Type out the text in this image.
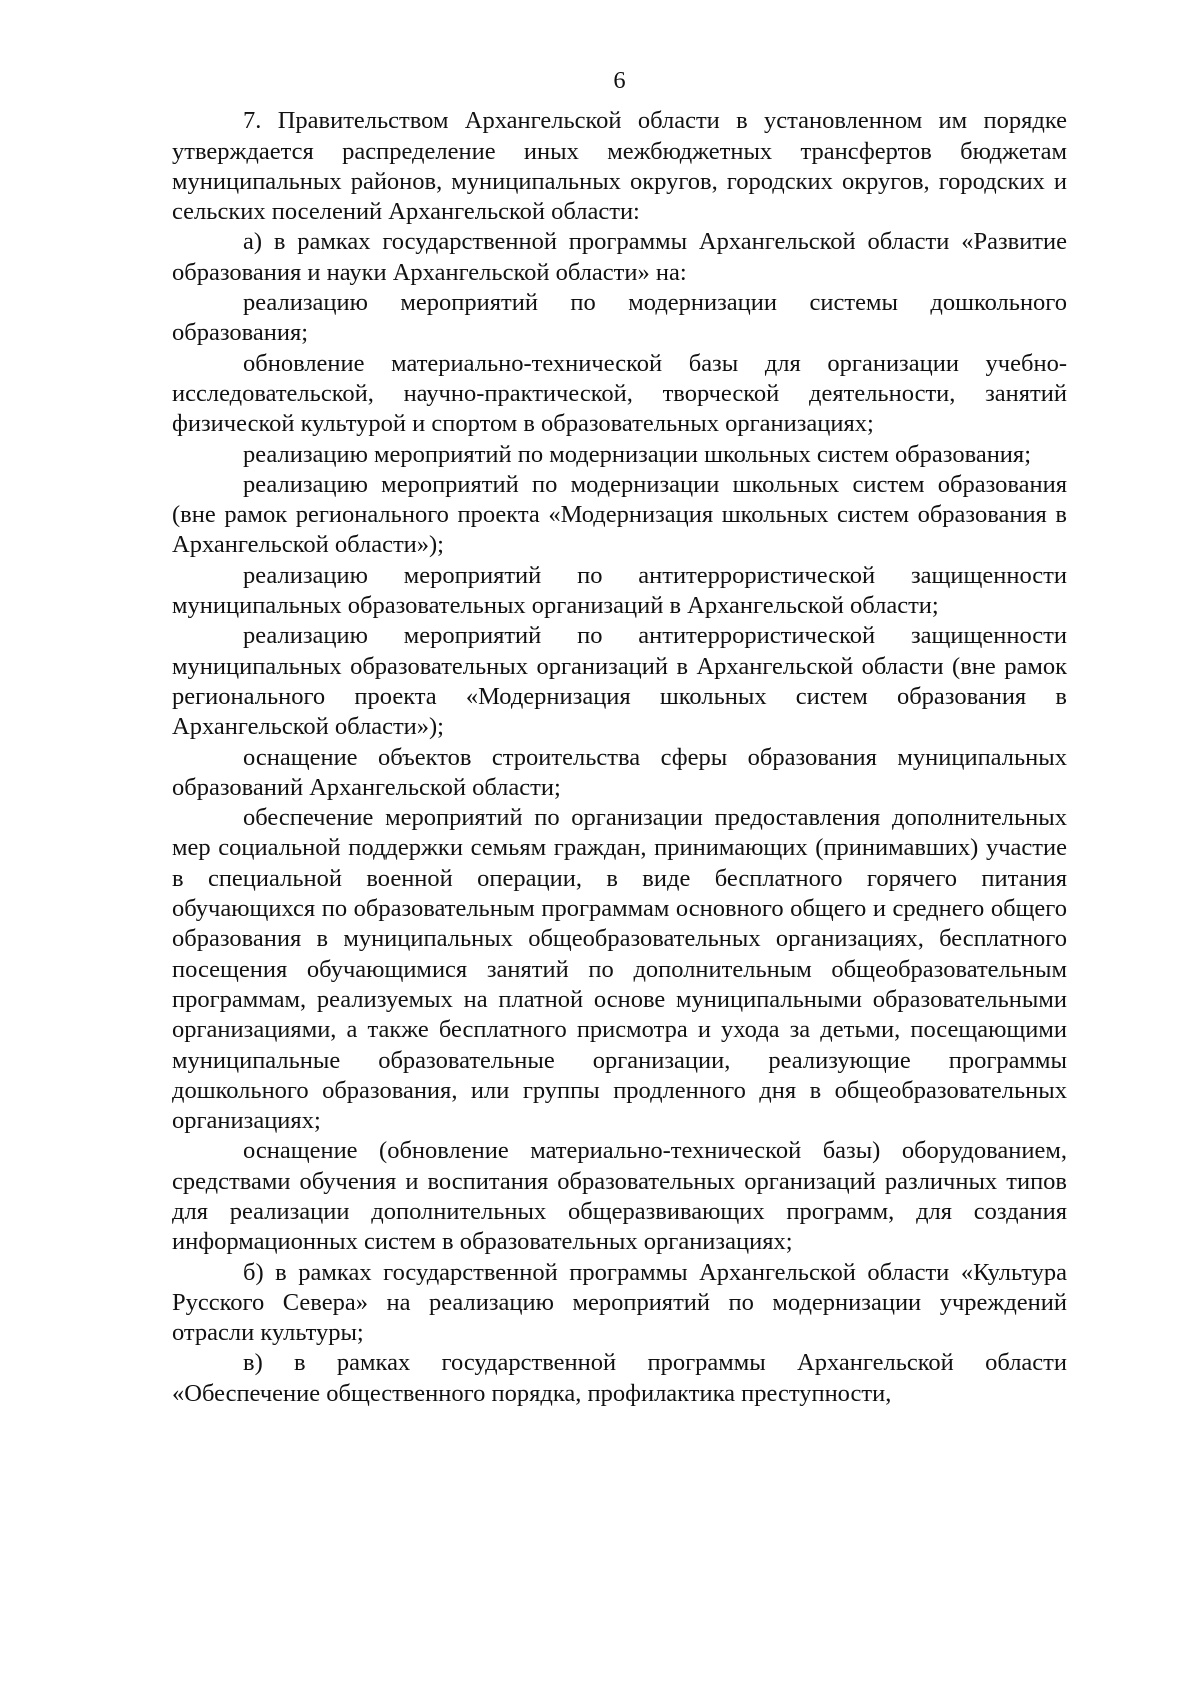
6

7. Правительством Архангельской области в установленном им порядке утверждается распределение иных межбюджетных трансфертов бюджетам муниципальных районов, муниципальных округов, городских округов, городских и сельских поселений Архангельской области:

а) в рамках государственной программы Архангельской области «Развитие образования и науки Архангельской области» на:

реализацию мероприятий по модернизации системы дошкольного образования;

обновление материально-технической базы для организации учебно-исследовательской, научно-практической, творческой деятельности, занятий физической культурой и спортом в образовательных организациях;

реализацию мероприятий по модернизации школьных систем образования;

реализацию мероприятий по модернизации школьных систем образования (вне рамок регионального проекта «Модернизация школьных систем образования в Архангельской области»);

реализацию мероприятий по антитеррористической защищенности муниципальных образовательных организаций в Архангельской области;

реализацию мероприятий по антитеррористической защищенности муниципальных образовательных организаций в Архангельской области (вне рамок регионального проекта «Модернизация школьных систем образования в Архангельской области»);

оснащение объектов строительства сферы образования муниципальных образований Архангельской области;

обеспечение мероприятий по организации предоставления дополнительных мер социальной поддержки семьям граждан, принимающих (принимавших) участие в специальной военной операции, в виде бесплатного горячего питания обучающихся по образовательным программам основного общего и среднего общего образования в муниципальных общеобразовательных организациях, бесплатного посещения обучающимися занятий по дополнительным общеобразовательным программам, реализуемых на платной основе муниципальными образовательными организациями, а также бесплатного присмотра и ухода за детьми, посещающими муниципальные образовательные организации, реализующие программы дошкольного образования, или группы продленного дня в общеобразовательных организациях;

оснащение (обновление материально-технической базы) оборудованием, средствами обучения и воспитания образовательных организаций различных типов для реализации дополнительных общеразвивающих программ, для создания информационных систем в образовательных организациях;

б) в рамках государственной программы Архангельской области «Культура Русского Севера» на реализацию мероприятий по модернизации учреждений отрасли культуры;

в) в рамках государственной программы Архангельской области «Обеспечение общественного порядка, профилактика преступности,
